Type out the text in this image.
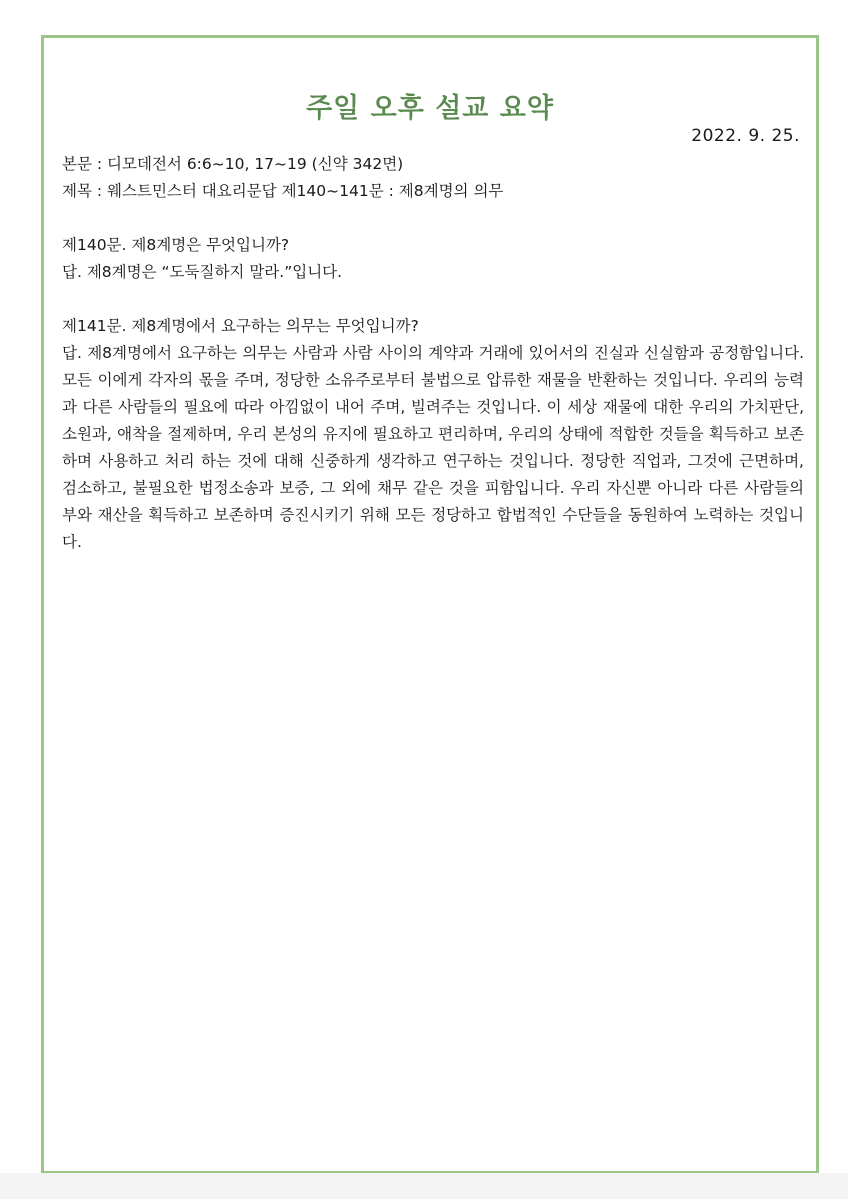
주일 오후 설교 요약
2022. 9. 25.

본문 : 디모데전서 6:6~10, 17~19 (신약 342면)

제목 : 웨스트민스터 대요리문답 제140~141문 : 제8계명의 의무

제140문. 제8계명은 무엇입니까?

답. 제8계명은 “도둑질하지 말라.”입니다.

제141문. 제8계명에서 요구하는 의무는 무엇입니까?

답. 제8계명에서 요구하는 의무는 사람과 사람 사이의 계약과 거래에 있어서의 진실과 신실함과 공정함입니다. 모든 이에게 각자의 몫을 주며, 정당한 소유주로부터 불법으로 압류한 재물을 반환하는 것입니다. 우리의 능력과 다른 사람들의 필요에 따라 아낌없이 내어 주며, 빌려주는 것입니다. 이 세상 재물에 대한 우리의 가치판단, 소원과, 애착을 절제하며, 우리 본성의 유지에 필요하고 편리하며, 우리의 상태에 적합한 것들을 획득하고 보존하며 사용하고 처리 하는 것에 대해 신중하게 생각하고 연구하는 것입니다. 정당한 직업과, 그것에 근면하며, 검소하고, 불필요한 법정소송과 보증, 그 외에 채무 같은 것을 피함입니다. 우리 자신뿐 아니라 다른 사람들의 부와 재산을 획득하고 보존하며 증진시키기 위해 모든 정당하고 합법적인 수단들을 동원하여 노력하는 것입니다.
